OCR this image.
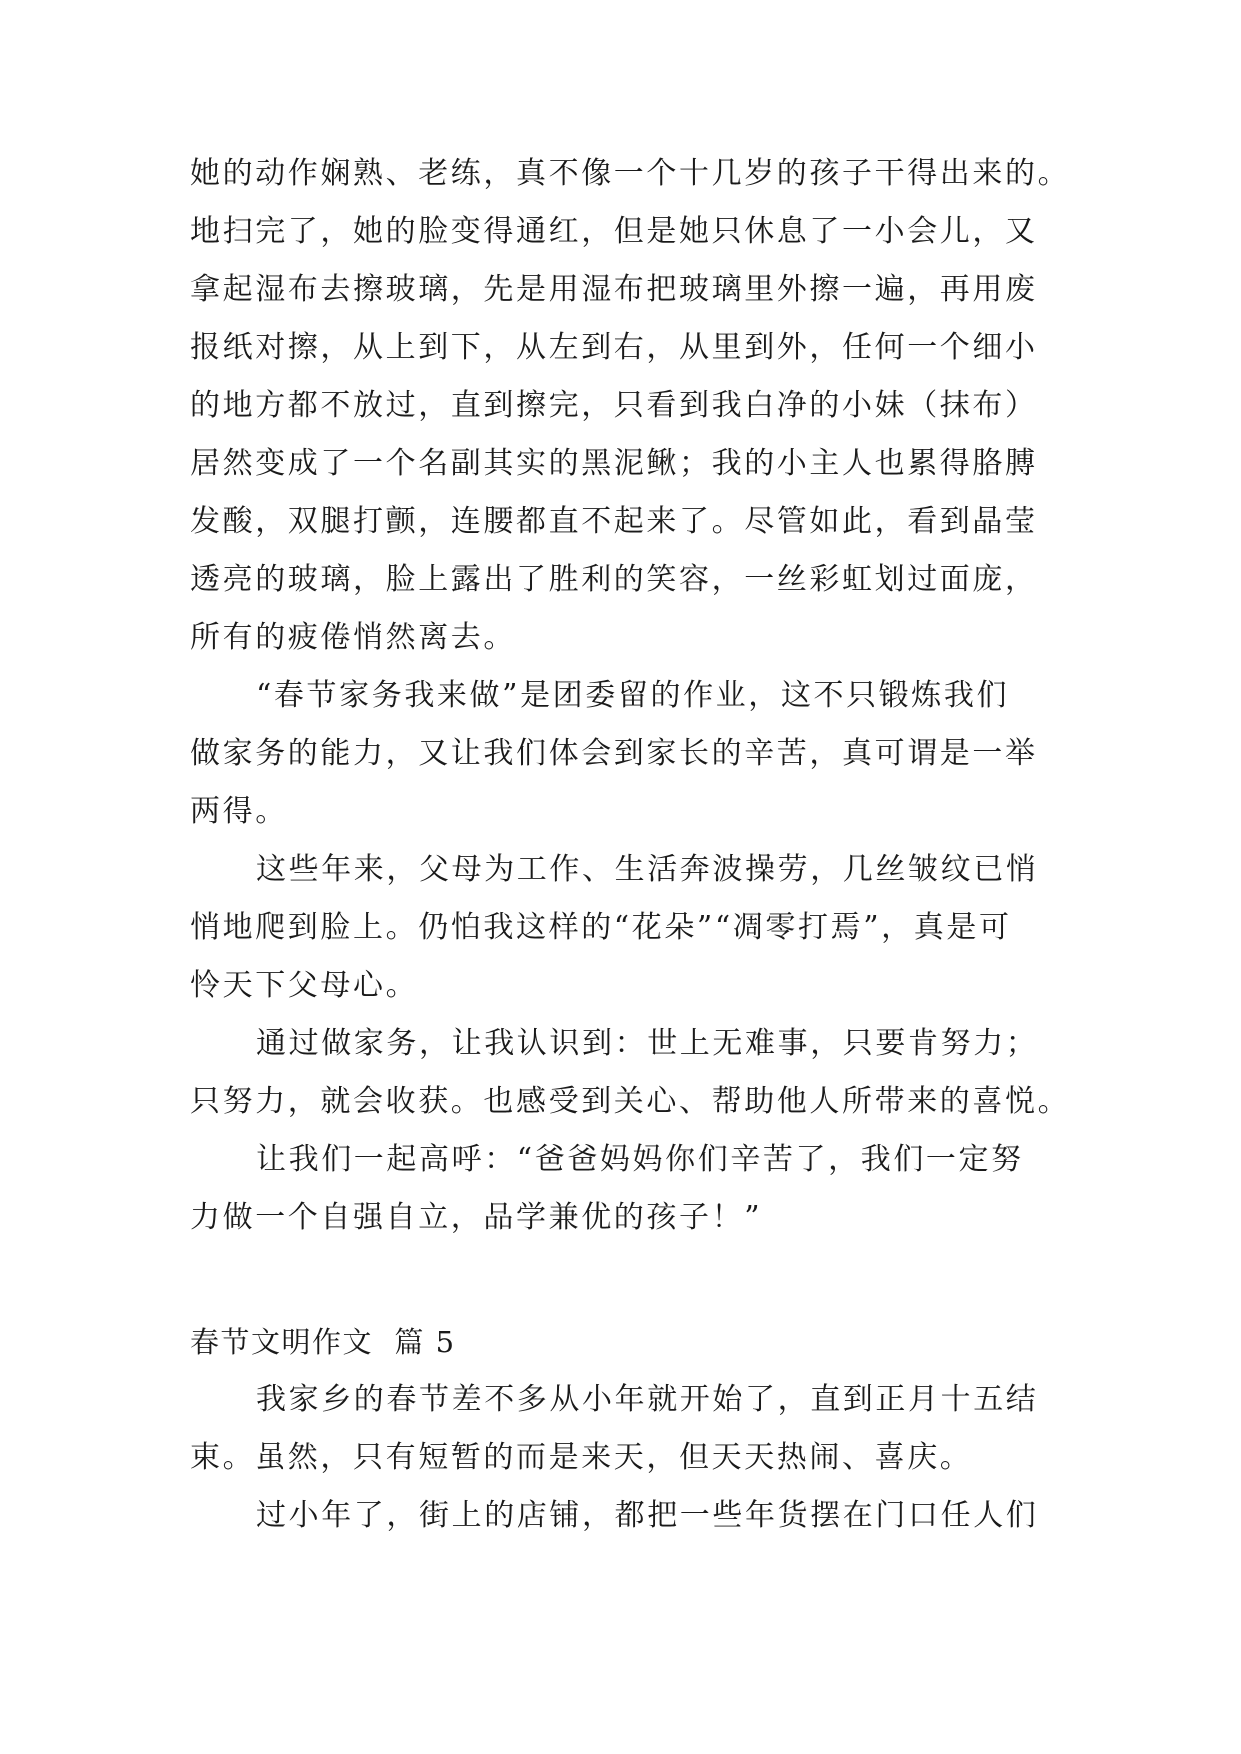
她的动作娴熟、老练，真不像一个十几岁的孩子干得出来的。
地扫完了，她的脸变得通红，但是她只休息了一小会儿，又
拿起湿布去擦玻璃，先是用湿布把玻璃里外擦一遍，再用废
报纸对擦，从上到下，从左到右，从里到外，任何一个细小
的地方都不放过，直到擦完，只看到我白净的小妹（抹布）
居然变成了一个名副其实的黑泥鳅；我的小主人也累得胳膊
发酸，双腿打颤，连腰都直不起来了。尽管如此，看到晶莹
透亮的玻璃，脸上露出了胜利的笑容，一丝彩虹划过面庞，
所有的疲倦悄然离去。
“春节家务我来做”是团委留的作业，这不只锻炼我们
做家务的能力，又让我们体会到家长的辛苦，真可谓是一举
两得。
这些年来，父母为工作、生活奔波操劳，几丝皱纹已悄
悄地爬到脸上。仍怕我这样的“花朵”“凋零打焉”，真是可
怜天下父母心。
通过做家务，让我认识到：世上无难事，只要肯努力；
只努力，就会收获。也感受到关心、帮助他人所带来的喜悦。
让我们一起高呼：“爸爸妈妈你们辛苦了，我们一定努
力做一个自强自立，品学兼优的孩子！”
春节文明作文  篇 5
我家乡的春节差不多从小年就开始了，直到正月十五结
束。虽然，只有短暂的而是来天，但天天热闹、喜庆。
过小年了，街上的店铺，都把一些年货摆在门口任人们
